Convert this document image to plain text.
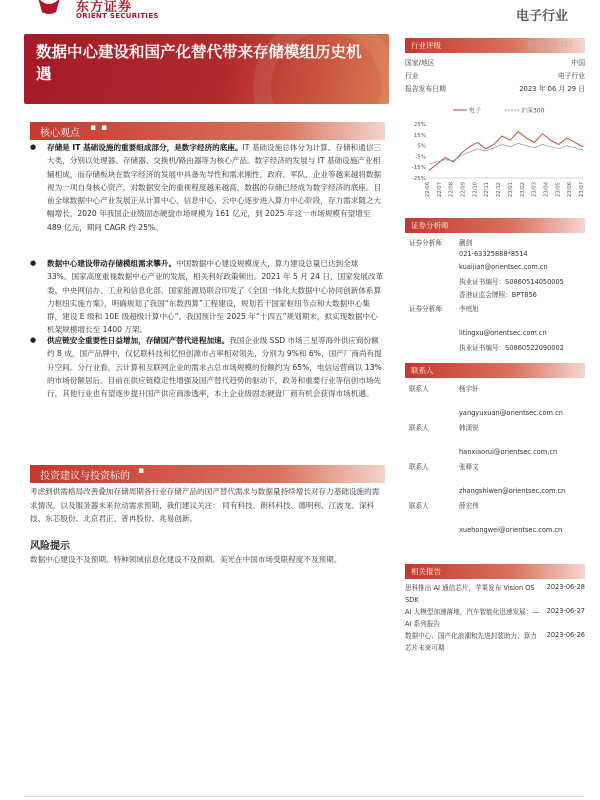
东方证券
ORIENT SECURITIES	电子行业
数据中心建设和国产化替代带来存储模组历史机遇
核心观点 ▪ ▪
● 存储是 IT 基础设施的重要组成部分，是数字经济的底座。IT 基础设施总体分为计算、存储和通信三大类，分别以处理器、存储器、交换机/路由器等为核心产品。数字经济的发展与 IT 基础设施产业相辅相成，而存储板块在数字经济的发展中具备先导性和需求刚性，政府、军队、企业等越来越将数据视为一项自身核心资产，对数据安全的重视程度越来越高，数据的存储已经成为数字经济的底座。目前全球数据中心产业发展正从计算中心、信息中心、云中心逐步进入算力中心阶段，存力需求随之大幅增长，2020 年我国企业级固态硬盘市场规模为 161 亿元，到 2025 年这一市场规模有望增至 489 亿元，期间 CAGR 约 25%。
● 数据中心建设带动存储模组需求攀升。中国数据中心建设规模庞大，算力建设总量已达到全球 33%。国家高度重视数据中心产业的发展，相关利好政策频出。2021 年 5 月 24 日，国家发展改革委、中央网信办、工业和信息化部、国家能源局联合印发了《全国一体化大数据中心协同创新体系算力枢纽实施方案》，明确规划了我国“东数西算”工程建设，规划若干国家枢纽节点和大数据中心集群，建设 E 级和 10E 级超级计算中心”。我国预计至 2025 年“十四五”规划期末，拟实现数据中心机架规模增长至 1400 万架。
● 供应链安全重要性日益增加，存储国产替代进程加速。我国企业级 SSD 市场三星等海外供应商份额约 8 成，国产品牌中，仅忆联科技和忆恒创源市占率相对领先，分别为 9%和 6%，国产厂商尚有提升空间。分行业看，云计算和互联网企业的需求占总市场规模的份额约为 65%，电信运营商以 13%的市场份额居后。目前在供应链稳定性增强及国产替代趋势的驱动下，政务和重要行业等信创市场先行，其他行业也有望逐步提升国产供应商渗透率，本土企业级固态硬盘厂商有机会获得市场机遇。
投资建议与投资标的 ▪
考虑到供需格局改善叠加存储周期各行业存储产品的国产替代需求与数据量持续增长对存力基础设施的需求情况，以及服务器未来拉动需求预期，我们建议关注： 同有科技、朗科科技、德明利、江波龙、深科技、东芯股份、北京君正、普冉股份、兆易创新。
风险提示
数据中心建设不及预期、特种领域信息化建设不及预期、美光在中国市场受限程度不及预期。
行业评级	看好（维持）
国家/地区	中国
行业	电子行业
报告发布日期	2023 年 06 月 29 日
电子	沪深300
25%
15%
5%
-5%
-15%
-25%
22/06 22/07 22/08 22/09 22/10 22/11 22/12 23/01 23/02 23/03 23/04 23/05 23/06 23/07
证券分析师
证券分析师	蒯剑
021-63325888*8514
kuaijian@orientsec.com.cn
执业证书编号：S0860514050005
香港证监会牌照：BPT856
证券分析师	李庭旭
litingxu@orientsec.com.cn
执业证书编号：S0860522090002
联系人
联系人	杨宇轩
yangyuxuan@orientsec.com.cn
联系人	韩潇锐
hanxiaorui@orientsec.com.cn
联系人	张释文
zhangshiwen@orientsec.com.cn
联系人	薛宏伟
xuehongwei@orientsec.com.cn
相关报告
思科推出 AI 通信芯片，苹果发布 Vision OS SDK
2023-06-28
AI 大模型加速落地，汽车智能化迅速发展：—AI 系列报告
2023-06-27
数据中心、国产化浪潮和先进封装助力，算力芯片未来可期
2023-06-26
